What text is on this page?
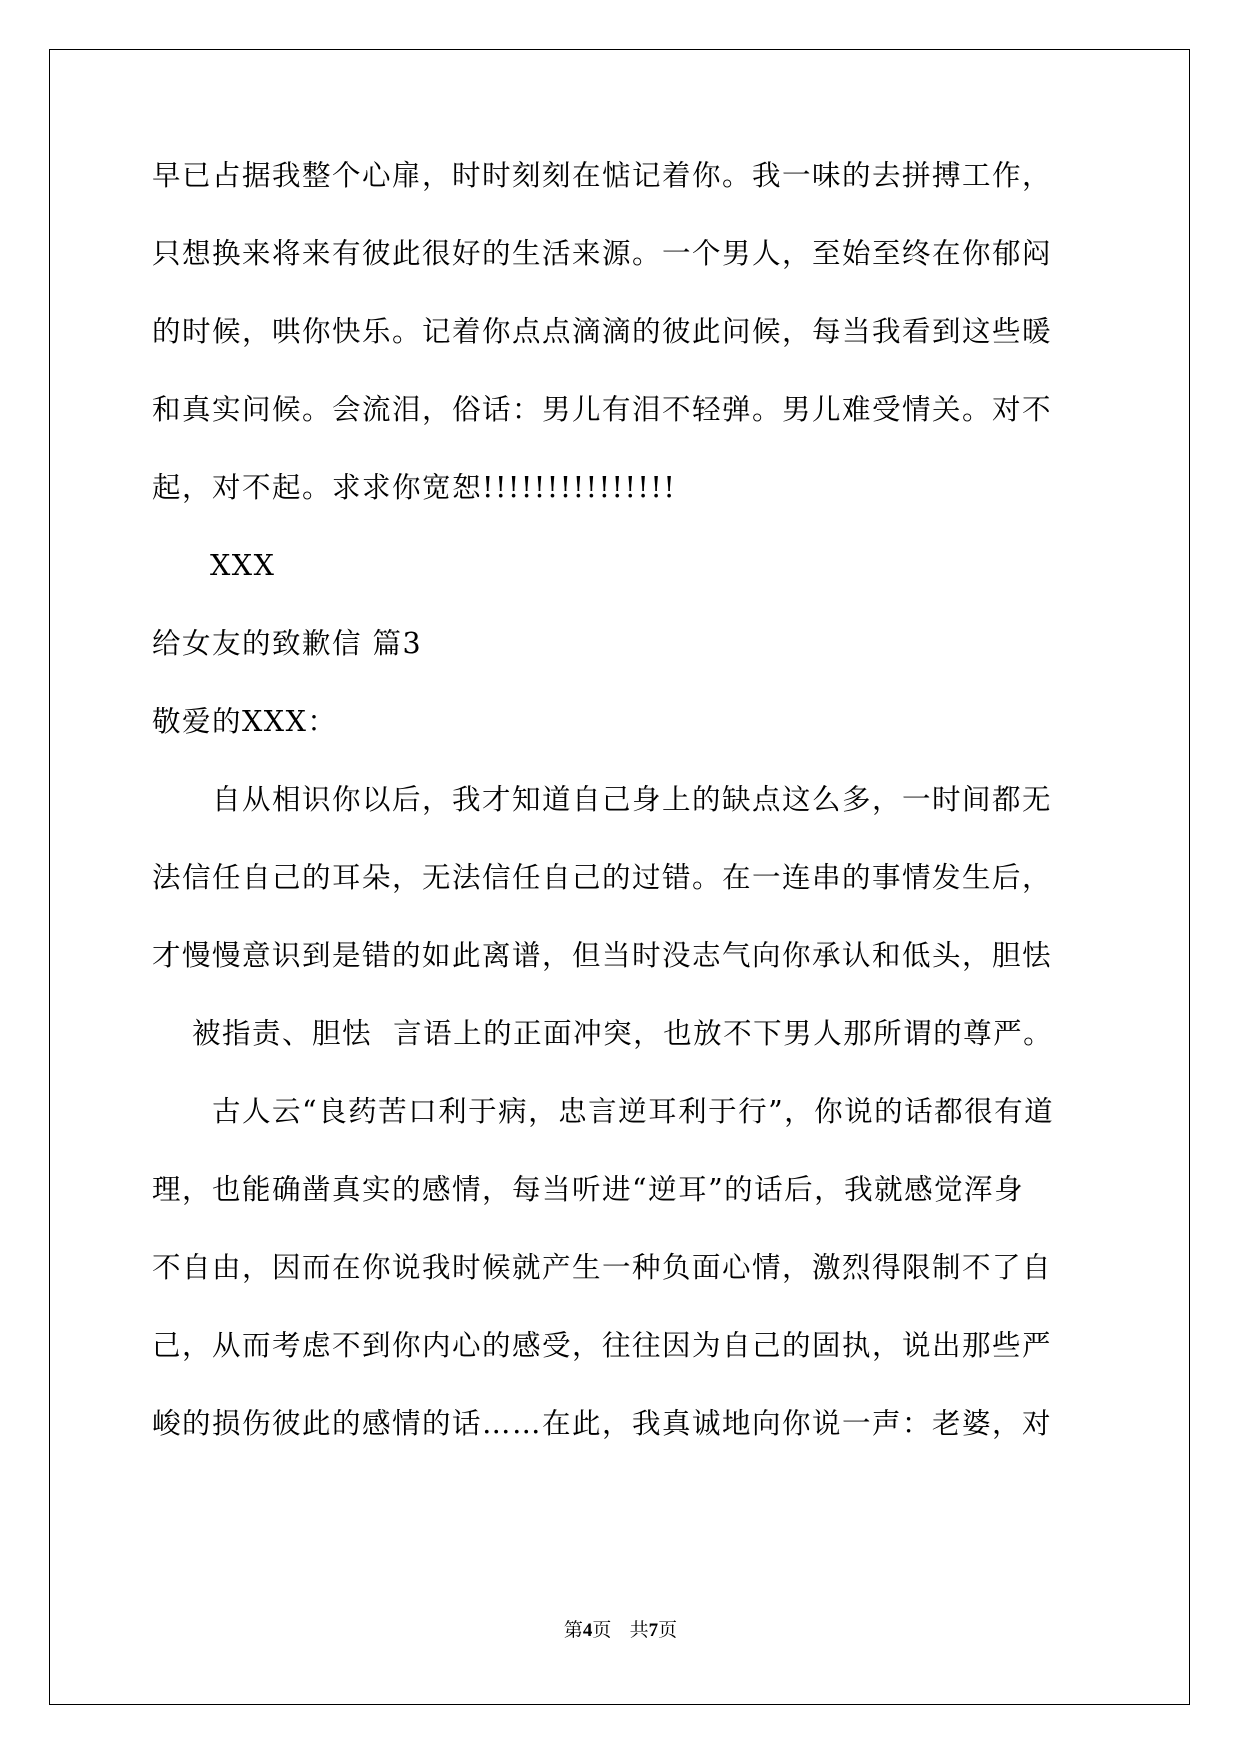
早已占据我整个心扉，时时刻刻在惦记着你。我一味的去拼搏工作，
只想换来将来有彼此很好的生活来源。一个男人，至始至终在你郁闷
的时候，哄你快乐。记着你点点滴滴的彼此问候，每当我看到这些暖
和真实问候。会流泪，俗话：男儿有泪不轻弹。男儿难受情关。对不
起，对不起。求求你宽恕!!!!!!!!!!!!!!!
XXX
给女友的致歉信 篇3
敬爱的XXX：
自从相识你以后，我才知道自己身上的缺点这么多，一时间都无
法信任自己的耳朵，无法信任自己的过错。在一连串的事情发生后，
才慢慢意识到是错的如此离谱，但当时没志气向你承认和低头，胆怯
被指责、胆怯  言语上的正面冲突，也放不下男人那所谓的尊严。
古人云“良药苦口利于病，忠言逆耳利于行”，你说的话都很有道
理，也能确凿真实的感情，每当听进“逆耳”的话后，我就感觉浑身
不自由，因而在你说我时候就产生一种负面心情，激烈得限制不了自
己，从而考虑不到你内心的感受，往往因为自己的固执，说出那些严
峻的损伤彼此的感情的话……在此，我真诚地向你说一声：老婆，对
第4页 共7页
